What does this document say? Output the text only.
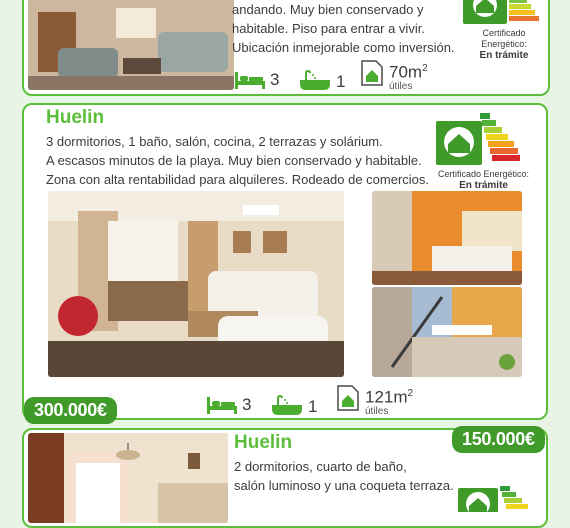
andando. Muy bien conservado y
habitable. Piso para entrar a vivir.
Ubicación inmejorable como inversión.
3	1	$70m^2$
útiles
Certificado Energético:
En trámite
Huelin
3 dormitorios, 1 baño, salón, cocina, 2 terrazas y solárium.
A escasos minutos de la playa. Muy bien conservado y habitable.
Zona con alta rentabilidad para alquileres. Rodeado de comercios. Certificado Energético:
En trámite
3	1	$121m^2$
útiles
300.000€
Huelin
2 dormitorios, cuarto de baño,
salón luminoso y una coqueta terraza.
150.000€
